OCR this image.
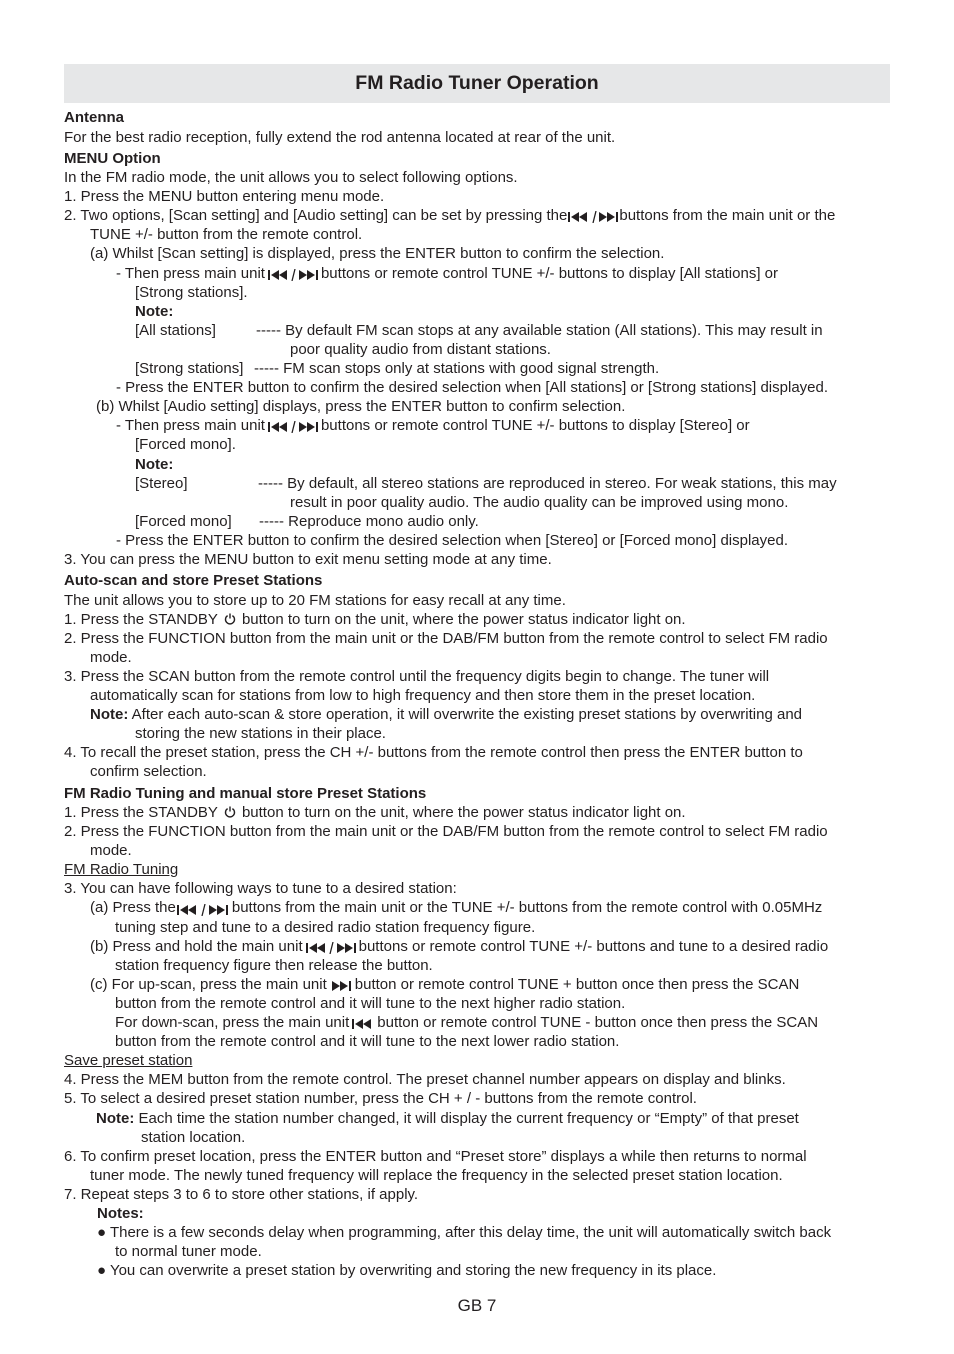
FM Radio Tuner Operation
Antenna
For the best radio reception, fully extend the rod antenna located at rear of the unit.
MENU Option
In the FM radio mode, the unit allows you to select following options.
1. Press the MENU button entering menu mode.
2. Two options, [Scan setting] and [Audio setting] can be set by pressing the	buttons from the main unit or the
TUNE +/- button from the remote control.
(a) Whilst [Scan setting] is displayed, press the ENTER button to confirm the selection.
- Then press main unit	buttons or remote control TUNE +/- buttons to display [All stations] or
[Strong stations].
Note:
[All stations]	----- By default FM scan stops at any available station (All stations). This may result in
poor quality audio from distant stations.
[Strong stations] ----- FM scan stops only at stations with good signal strength.
- Press the ENTER button to confirm the desired selection when [All stations] or [Strong stations] displayed.
(b) Whilst [Audio setting] displays, press the ENTER button to confirm selection.
- Then press main unit	buttons or remote control TUNE +/- buttons to display [Stereo] or
[Forced mono].
Note:
[Stereo]	----- By default, all stereo stations are reproduced in stereo. For weak stations, this may
result in poor quality audio. The audio quality can be improved using mono.
[Forced mono] ----- Reproduce mono audio only.
- Press the ENTER button to confirm the desired selection when [Stereo] or [Forced mono] displayed.
3. You can press the MENU button to exit menu setting mode at any time.
Auto-scan and store Preset Stations
The unit allows you to store up to 20 FM stations for easy recall at any time.
1. Press the STANDBY button to turn on the unit, where the power status indicator light on.
2. Press the FUNCTION button from the main unit or the DAB/FM button from the remote control to select FM radio
mode.
3. Press the SCAN button from the remote control until the frequency digits begin to change. The tuner will
automatically scan for stations from low to high frequency and then store them in the preset location.
Note: After each auto-scan & store operation, it will overwrite the existing preset stations by overwriting and
storing the new stations in their place.
4. To recall the preset station, press the CH +/- buttons from the remote control then press the ENTER button to
confirm selection.
FM Radio Tuning and manual store Preset Stations
1. Press the STANDBY button to turn on the unit, where the power status indicator light on.
2. Press the FUNCTION button from the main unit or the DAB/FM button from the remote control to select FM radio
mode.
FM Radio Tuning
3. You can have following ways to tune to a desired station:
(a) Press the	buttons from the main unit or the TUNE +/- buttons from the remote control with 0.05MHz
tuning step and tune to a desired radio station frequency figure.
(b) Press and hold the main unit	buttons or remote control TUNE +/- buttons and tune to a desired radio
station frequency figure then release the button.
(c) For up-scan, press the main unit button or remote control TUNE + button once then press the SCAN
button from the remote control and it will tune to the next higher radio station.
For down-scan, press the main unit button or remote control TUNE - button once then press the SCAN
button from the remote control and it will tune to the next lower radio station.
Save preset station
4. Press the MEM button from the remote control. The preset channel number appears on display and blinks.
5. To select a desired preset station number, press the CH + / - buttons from the remote control.
Note: Each time the station number changed, it will display the current frequency or “Empty” of that preset
station location.
6. To confirm preset location, press the ENTER button and “Preset store” displays a while then returns to normal
tuner mode. The newly tuned frequency will replace the frequency in the selected preset station location.
7. Repeat steps 3 to 6 to store other stations, if apply.
Notes:
● There is a few seconds delay when programming, after this delay time, the unit will automatically switch back
to normal tuner mode.
● You can overwrite a preset station by overwriting and storing the new frequency in its place.
GB 7
